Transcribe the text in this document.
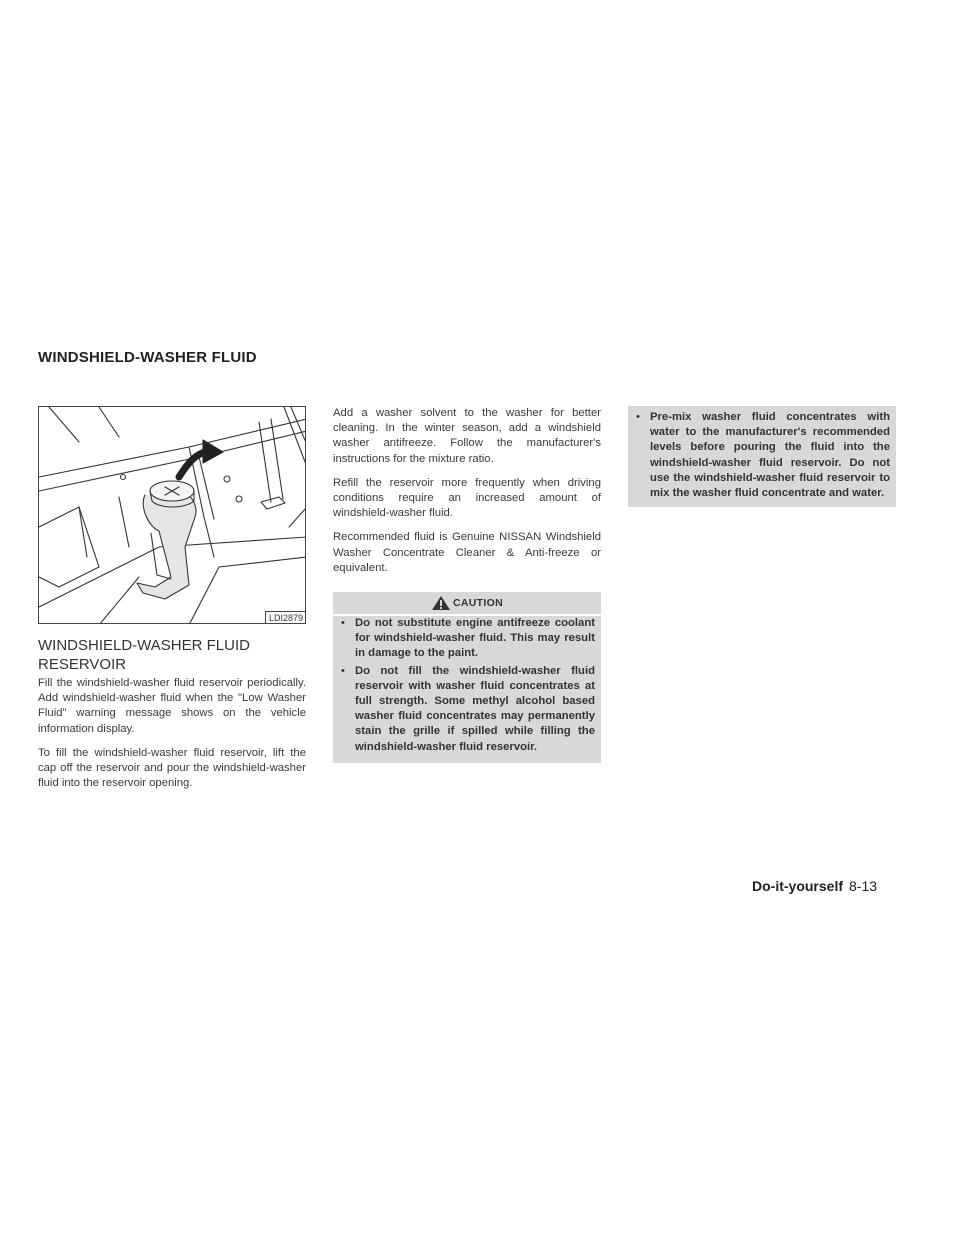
WINDSHIELD-WASHER FLUID
LDI2879
WINDSHIELD-WASHER FLUID RESERVOIR

Fill the windshield-washer fluid reservoir periodically. Add windshield-washer fluid when the "Low Washer Fluid" warning message shows on the vehicle information display.

To fill the windshield-washer fluid reservoir, lift the cap off the reservoir and pour the windshield-washer fluid into the reservoir opening.

Add a washer solvent to the washer for better cleaning. In the winter season, add a windshield washer antifreeze. Follow the manufacturer's instructions for the mixture ratio.

Refill the reservoir more frequently when driving conditions require an increased amount of windshield-washer fluid.

Recommended fluid is Genuine NISSAN Windshield Washer Concentrate Cleaner & Anti-freeze or equivalent.

CAUTION
• Do not substitute engine antifreeze coolant for windshield-washer fluid. This may result in damage to the paint.
• Do not fill the windshield-washer fluid reservoir with washer fluid concentrates at full strength. Some methyl alcohol based washer fluid concentrates may permanently stain the grille if spilled while filling the windshield-washer fluid reservoir.
• Pre-mix washer fluid concentrates with water to the manufacturer's recommended levels before pouring the fluid into the windshield-washer fluid reservoir. Do not use the windshield-washer fluid reservoir to mix the washer fluid concentrate and water.
Do-it-yourself 8-13
